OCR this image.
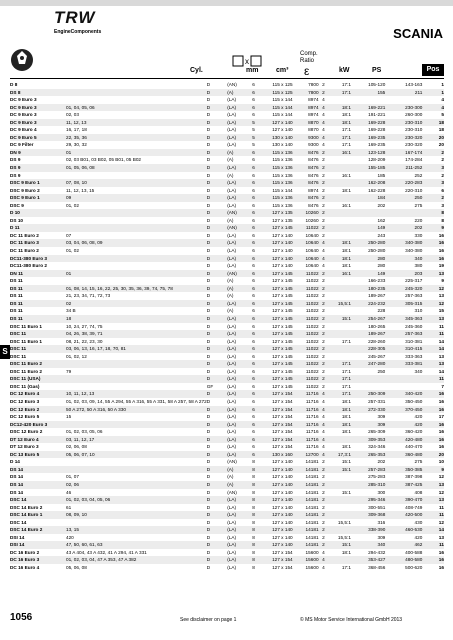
TRW
EngineComponents	SCANIA
x
Cyl.	mm	cm³
Comp.
Ratio
ε	kW	PS	Pos
D 8		D	(AN)	6	115 x 125	7800	2	17:1	105-120	143-163	1
DS 8		D	(A)	6	115 x 125	7800	2	17:1	155	211	1
DC 9 Euro 3		D	(LA)	6	115 x 144	8974	4				4
DC 9 Euro 3	01, 04, 05, 06	D	(LA)	6	115 x 144	8974	4	18:1	169-221	230-300	4
DC 9 Euro 3	02, 03	D	(LA)	6	115 x 144	8974	4	18:1	191-221	260-300	5
DC 9 Euro 3	11, 12, 13	D	(LA)	5	127 x 140	8870	4	18:1	169-228	230-310	18
DC 9 Euro 4	16, 17, 18	D	(LA)	5	127 x 140	8870	4	17:1	169-228	230-310	18
DC 9 Euro 5	22, 35, 36	D	(LA)	5	130 x 140	9300	4	17:1	169-235	230-320	20
DC 9 Filter	29, 30, 32	D	(LA)	5	130 x 140	9300	4	17:1	169-235	230-320	20
DN 9	01	D	(A)	6	115 x 136	8476	2	16:1	123-128	167-174	2
DS 9	02, 03 B01, 03 B02, 05 B01, 05 B02	D	(A)	6	115 x 136	8476	2		128-209	174-284	2
DS 9	01, 05, 06, 08	D	(LA)	6	115 x 136	8476	2		155-185	211-252	3
DS 9		D	(A)	6	115 x 136	8476	2	16:1	185	252	2
DSC 9 Euro 1	07, 08, 10	D	(LA)	6	115 x 136	8476	2		162-208	220-283	3
DSC 9 Euro 2	11, 12, 13, 15	D	(LA)	6	115 x 144	8974	2	18:1	162-228	220-310	6
DSC 9 Euro 1	09	D	(LA)	6	115 x 136	8476	2		184	250	2
DSC 9	01, 02	D	(LA)	6	115 x 136	8476	2	16:1	202	275	3
D 10		D	(AN)	6	127 x 135	10260	2				8
DS 10		D	(A)	6	127 x 135	10260	2		162	220	8
D 11		D	(AN)	6	127 x 145	11022	2		149	202	9
DC 11 Euro 2	07	D	(LA)	6	127 x 140	10640	2		243	330	16
DC 11 Euro 3	03, 04, 06, 08, 09	D	(LA)	6	127 x 140	10640	4	18:1	250-280	340-380	16
DC 11 Euro 2	01, 02	D	(LA)	6	127 x 140	10640	4	18:1	250-280	340-380	16
DC11-380 Euro 3		D	(LA)	6	127 x 140	10640	4	18:1	280	340	16
DC11-380 Euro 2		D	(LA)	6	127 x 140	10640	4	18:1	280	380	19
DN 11	01	D	(AN)	6	127 x 145	11022	2	16:1	149	203	13
DS 11		D	(A)	6	127 x 145	11022	2		166-233	225-317	9
DS 11	01, 08, 14, 15, 16, 22, 25, 30, 35, 36, 39, 74, 75, 78	D	(A)	6	127 x 145	11022	2		180-235	245-320	12
DS 11	21, 23, 34, 71, 72, 73	D	(A)	6	127 x 145	11022	2		189-267	257-363	13
DS 11	02	D	(LA)	6	127 x 145	11022	2	15,5:1	224-232	305-315	12
DS 11	34 B	D	(A)	6	127 x 145	11022	2		228	310	15
DS 11	18	D	(LA)	6	127 x 145	11022	2	15:1	254-267	345-363	13
DSC 11 Euro 1	10, 24, 27, 74, 75	D	(LA)	6	127 x 145	11022	2		180-265	245-360	11
DSC 11	04, 26, 38, 39, 71	D	(LA)	6	127 x 145	11022	2		189-267	257-363	11
DSC 11 Euro 1	08, 21, 22, 23, 30	D	(LA)	6	127 x 145	11022	2	17:1	228-260	310-381	14
DSC 11	03, 06, 13, 16, 17, 18, 70, 81	D	(LA)	6	127 x 145	11022	2		228-305	310-415	14
DSC 11	01, 02, 12	D	(LA)	6	127 x 145	11022	2		245-267	333-363	13
DSC 11 Euro 2		D	(LA)	6	127 x 145	11022	2	17:1	247-280	333-381	13
DSC 11 Euro 2	79	D	(LA)	6	127 x 145	11022	2	17:1	250	340	14
DSC 11 (USA)		D	(LA)	6	127 x 145	11022	2	17:1			11
DSC 11 (Gas)		GF	(LA)	6	127 x 145	11022	2	17:1			7
DC 12 Euro 4	10, 11, 12, 13	D	(LA)	6	127 x 154	11716	4	17:1	250-309	340-420	16
DC 12 Euro 3	01, 02, 03, 09, 14, 55 A 294, 55 A 316, 55 A 331, 58 A 257, 58 A 272	D	(LA)	6	127 x 154	11716	4	18:1	257-331	350-450	16
DC 12 Euro 2	50 A 272, 50 A 316, 50 A 330	D	(LA)	6	127 x 154	11716	4	18:1	272-330	370-450	16
DC 12 Euro 5	15	D	(LA)	6	127 x 154	11716	4	18:1	309	420	17
DC12-420 Euro 3		D	(LA)	6	127 x 154	11716	4	18:1	309	420	16
DSC 12 Euro 2	01, 02, 03, 05, 06	D	(LA)	6	127 x 154	11716	4	18:1	265-309	360-420	16
DT 12 Euro 4	03, 11, 12, 17	D	(LA)	6	127 x 154	11716	4		309-353	420-480	16
DT 12 Euro 3	02, 06, 08	D	(LA)	6	127 x 154	11716	4	18:1	324-346	440-470	16
DC 13 Euro 5	05, 06, 07, 10	D	(LA)	6	130 x 160	12700	4	17,3:1	265-353	360-480	20
D 14		D	(AN)	8	127 x 140	14181	2	15:1	202	275	10
DS 14		D	(A)	8	127 x 140	14181	2	15:1	257-283	350-385	9
DS 14	01, 07	D	(A)	8	127 x 140	14181	2		275-283	387-398	12
DS 14	02, 06	D	(A)	8	127 x 140	14181	2		285-310	387-425	13
DS 14	46	D	(AN)	8	127 x 140	14181	2	15:1	300	408	12
DSC 14	01, 02, 03, 04, 05, 06	D	(LA)	8	127 x 140	14181	2		295-346	390-470	13
DSC 14 Euro 2	61	D	(LA)	8	127 x 140	14181	2		300-551	408-749	11
DSC 14 Euro 1	08, 09, 10	D	(LA)	8	127 x 140	14181	2		309-368	420-500	11
DSC 14		D	(LA)	8	127 x 140	14181	2	15,5:1	316	430	12
DSC 14 Euro 2	13, 15	D	(LA)	8	127 x 140	14181	2		338-390	460-530	14
DSI 14	420	D	(LA)	8	127 x 140	14181	2	15,5:1	309	420	13
DSI 14	47, 50, 60, 61, 63	D	(LA)	8	127 x 140	14181	2	15:1	340	462	11
DC 16 Euro 2	43 A 404, 43 A 432, 41 A 294, 41 A 331	D	(LA)	8	127 x 154	15600	4	18:1	294-432	400-588	16
DC 16 Euro 3	01, 02, 03, 04, 47 A 353, 47 A 382	D	(LA)	8	127 x 154	15600	4		353-427	480-580	16
DC 16 Euro 4	05, 06, 08	D	(LA)	8	127 x 154	15600	4	17:1	368-456	500-620	16
S
1056	See disclaimer on page 1	© MS Motor Service International GmbH 2013
